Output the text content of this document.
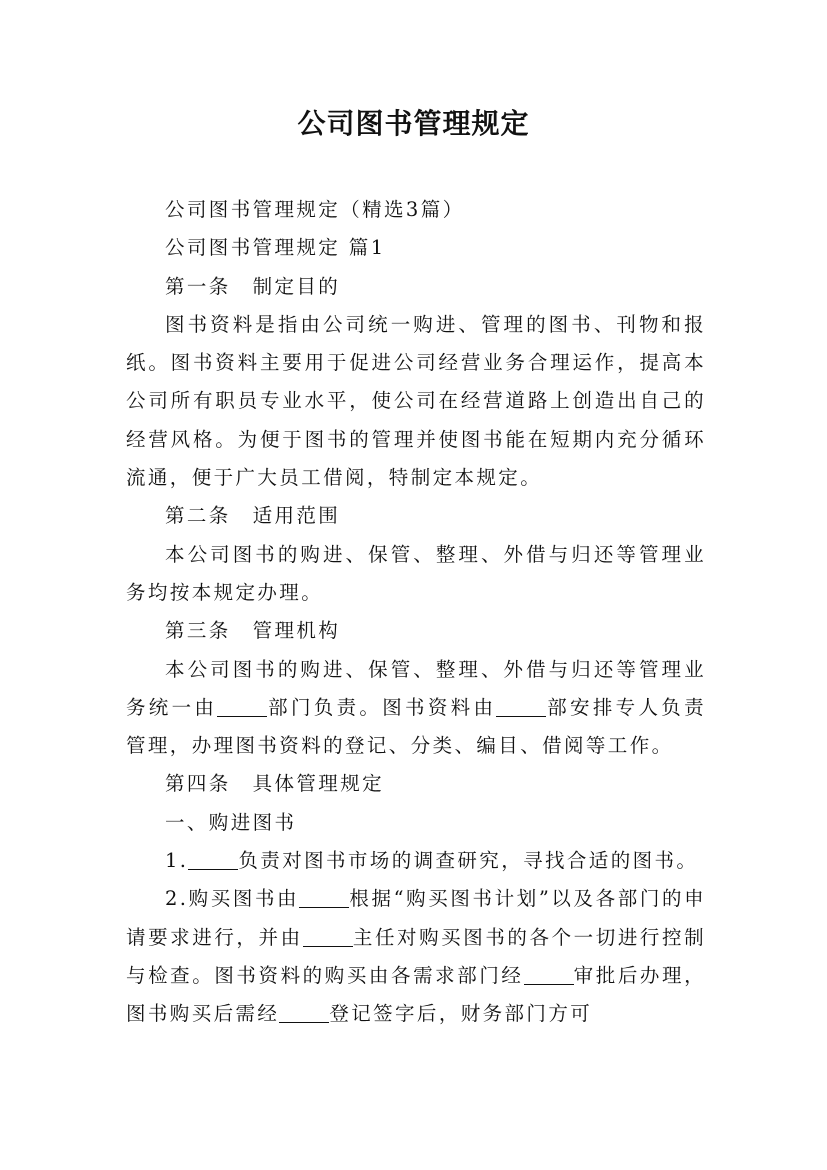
公司图书管理规定

公司图书管理规定（精选3篇）

公司图书管理规定 篇1

第一条　制定目的

图书资料是指由公司统一购进、管理的图书、刊物和报纸。图书资料主要用于促进公司经营业务合理运作，提高本公司所有职员专业水平，使公司在经营道路上创造出自己的经营风格。为便于图书的管理并使图书能在短期内充分循环流通，便于广大员工借阅，特制定本规定。

第二条　适用范围

本公司图书的购进、保管、整理、外借与归还等管理业务均按本规定办理。

第三条　管理机构

本公司图书的购进、保管、整理、外借与归还等管理业务统一由	部门负责。图书资料由	部安排专人负责管理，办理图书资料的登记、分类、编目、借阅等工作。

第四条　具体管理规定

一、购进图书

1.	负责对图书市场的调查研究，寻找合适的图书。

2.购买图书由	根据“购买图书计划”以及各部门的申请要求进行，并由	主任对购买图书的各个一切进行控制与检查。图书资料的购买由各需求部门经	审批后办理，图书购买后需经	登记签字后，财务部门方可
